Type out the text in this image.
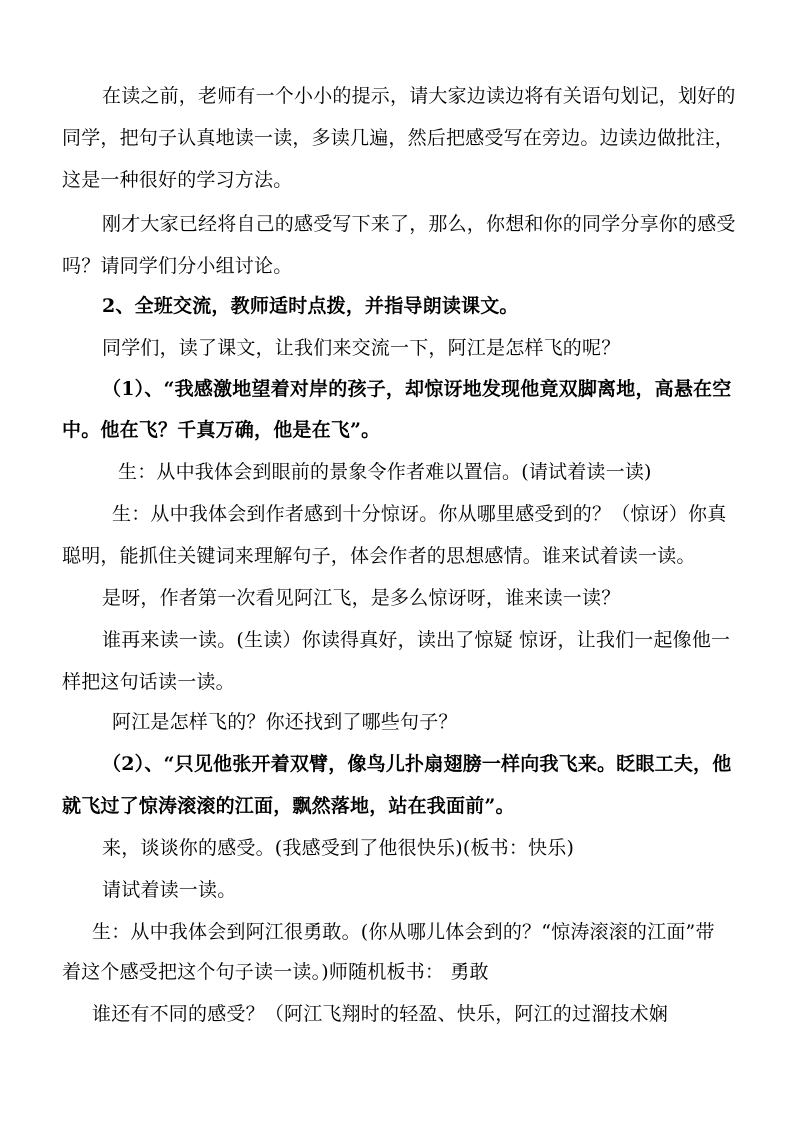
在读之前，老师有一个小小的提示，请大家边读边将有关语句划记，划好的
同学，把句子认真地读一读，多读几遍，然后把感受写在旁边。边读边做批注，
这是一种很好的学习方法。
刚才大家已经将自己的感受写下来了，那么，你想和你的同学分享你的感受
吗？请同学们分小组讨论。
2、全班交流，教师适时点拨，并指导朗读课文。
同学们，读了课文，让我们来交流一下，阿江是怎样飞的呢？
（1）、“我感激地望着对岸的孩子，却惊讶地发现他竟双脚离地，高悬在空
中。他在飞？千真万确，他是在飞”。
生：从中我体会到眼前的景象令作者难以置信。(请试着读一读)
生：从中我体会到作者感到十分惊讶。你从哪里感受到的？（惊讶）你真
聪明，能抓住关键词来理解句子，体会作者的思想感情。谁来试着读一读。
是呀，作者第一次看见阿江飞，是多么惊讶呀，谁来读一读？
谁再来读一读。(生读）你读得真好，读出了惊疑 惊讶，让我们一起像他一
样把这句话读一读。
阿江是怎样飞的？你还找到了哪些句子？
（2）、“只见他张开着双臂，像鸟儿扑扇翅膀一样向我飞来。眨眼工夫，他
就飞过了惊涛滚滚的江面，飘然落地，站在我面前”。
来，谈谈你的感受。(我感受到了他很快乐)(板书：快乐)
请试着读一读。
生：从中我体会到阿江很勇敢。(你从哪儿体会到的？“惊涛滚滚的江面”带
着这个感受把这个句子读一读。)师随机板书： 勇敢
谁还有不同的感受？（阿江飞翔时的轻盈、快乐，阿江的过溜技术娴
